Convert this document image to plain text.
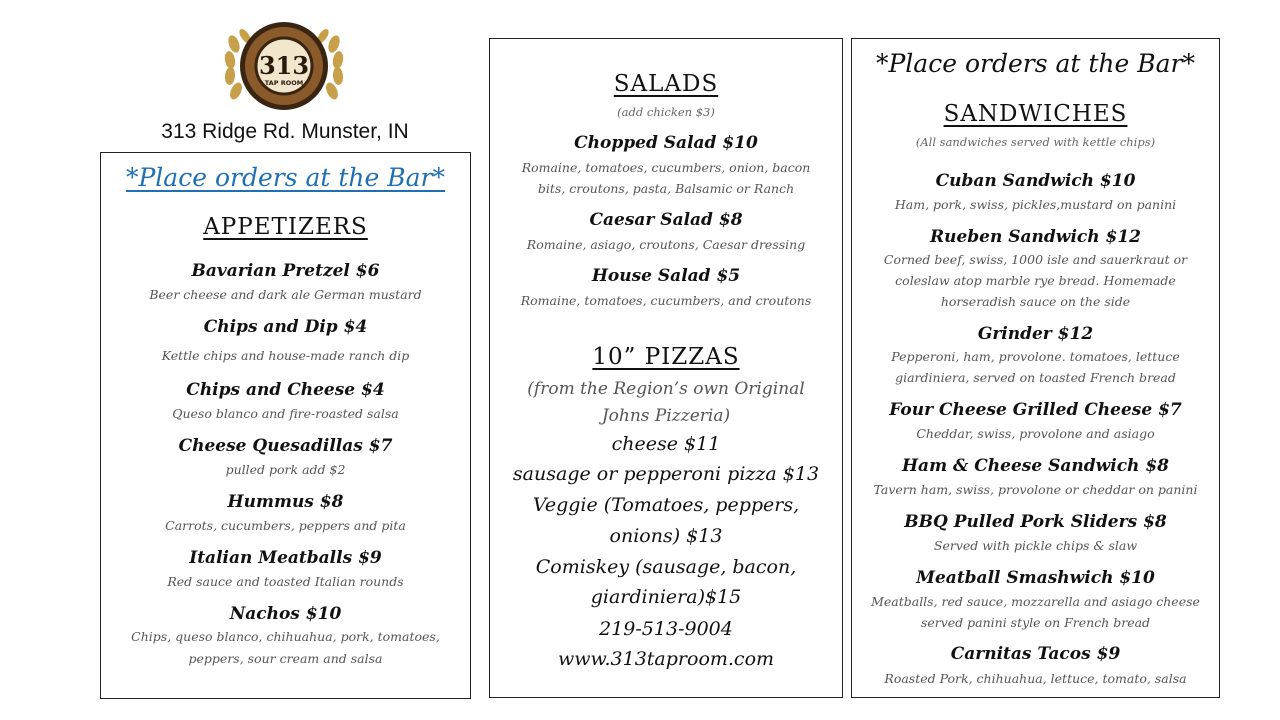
313
TAP ROOM
313 Ridge Rd. Munster, IN
*Place orders at the Bar*
APPETIZERS
Bavarian Pretzel $6
Beer cheese and dark ale German mustard
Chips and Dip $4
Kettle chips and house-made ranch dip
Chips and Cheese $4
Queso blanco and fire-roasted salsa
Cheese Quesadillas $7
pulled pork add $2
Hummus $8
Carrots, cucumbers, peppers and pita
Italian Meatballs $9
Red sauce and toasted Italian rounds
Nachos $10
Chips, queso blanco, chihuahua, pork, tomatoes,
peppers, sour cream and salsa
SALADS
(add chicken $3)
Chopped Salad $10
Romaine, tomatoes, cucumbers, onion, bacon
bits, croutons, pasta, Balsamic or Ranch
Caesar Salad $8
Romaine, asiago, croutons, Caesar dressing
House Salad $5
Romaine, tomatoes, cucumbers, and croutons
10” PIZZAS
(from the Region’s own Original
Johns Pizzeria)
cheese $11
sausage or pepperoni pizza $13
Veggie (Tomatoes, peppers,
onions) $13
Comiskey (sausage, bacon,
giardiniera)$15
219-513-9004
www.313taproom.com
*Place orders at the Bar*
SANDWICHES
(All sandwiches served with kettle chips)
Cuban Sandwich $10
Ham, pork, swiss, pickles,mustard on panini
Rueben Sandwich $12
Corned beef, swiss, 1000 isle and sauerkraut or
coleslaw atop marble rye bread. Homemade
horseradish sauce on the side
Grinder $12
Pepperoni, ham, provolone. tomatoes, lettuce
giardiniera, served on toasted French bread
Four Cheese Grilled Cheese $7
Cheddar, swiss, provolone and asiago
Ham & Cheese Sandwich $8
Tavern ham, swiss, provolone or cheddar on panini
BBQ Pulled Pork Sliders $8
Served with pickle chips & slaw
Meatball Smashwich $10
Meatballs, red sauce, mozzarella and asiago cheese
served panini style on French bread
Carnitas Tacos $9
Roasted Pork, chihuahua, lettuce, tomato, salsa
